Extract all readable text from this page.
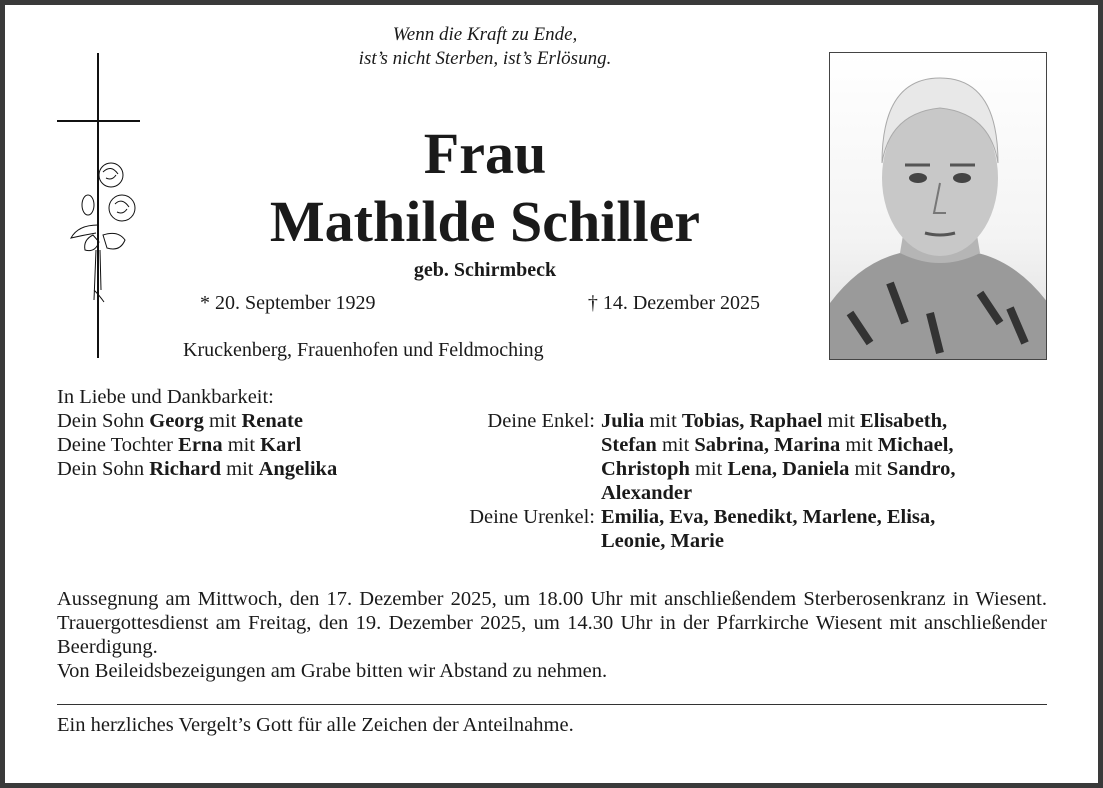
Wenn die Kraft zu Ende,
ist’s nicht Sterben, ist’s Erlösung.
Frau
Mathilde Schiller
geb. Schirmbeck
* 20. September 1929	† 14. Dezember 2025
Kruckenberg, Frauenhofen und Feldmoching
In Liebe und Dankbarkeit:
Dein Sohn Georg mit Renate
Deine Tochter Erna mit Karl
Dein Sohn Richard mit Angelika
Deine Enkel:

Deine Urenkel:
Julia mit Tobias, Raphael mit Elisabeth,
Stefan mit Sabrina, Marina mit Michael,
Christoph mit Lena, Daniela mit Sandro,
Alexander
Emilia, Eva, Benedikt, Marlene, Elisa,
Leonie, Marie

Aussegnung am Mittwoch, den 17. Dezember 2025, um 18.00 Uhr mit anschließendem Sterberosenkranz in Wiesent. Trauergottesdienst am Freitag, den 19. Dezember 2025, um 14.30 Uhr in der Pfarrkirche Wiesent mit anschließender Beerdigung.

Von Beileidsbezeigungen am Grabe bitten wir Abstand zu nehmen.

Ein herzliches Vergelt’s Gott für alle Zeichen der Anteilnahme.
